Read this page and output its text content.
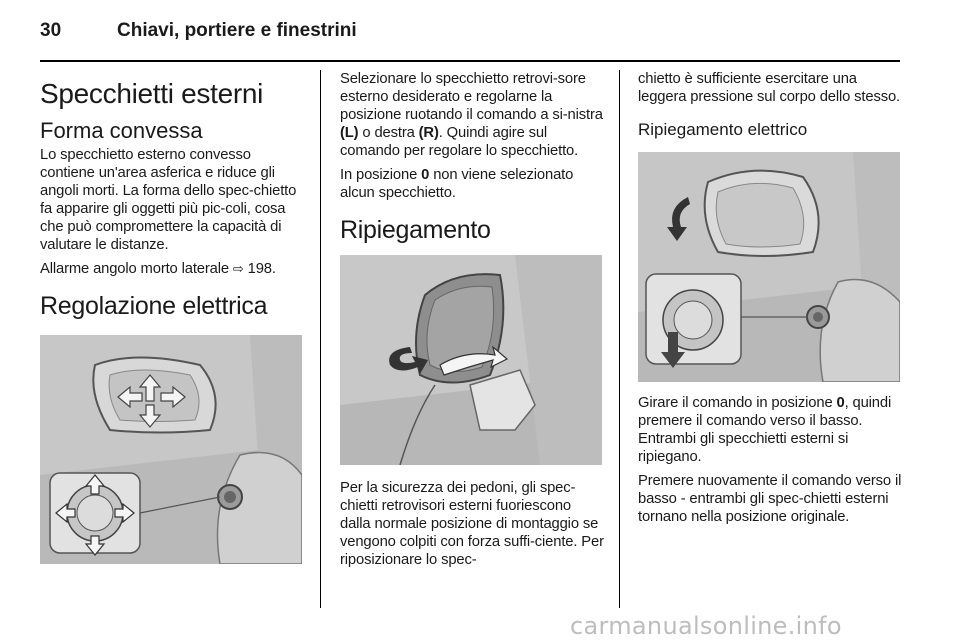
30	Chiavi, portiere e finestrini
Specchietti esterni
Forma convessa

Lo specchietto esterno convesso contiene un'area asferica e riduce gli angoli morti. La forma dello spec-chietto fa apparire gli oggetti più pic-coli, cosa che può compromettere la capacità di valutare le distanze.

Allarme angolo morto laterale ⇨ 198.

Regolazione elettrica

Selezionare lo specchietto retrovi-sore esterno desiderato e regolarne la posizione ruotando il comando a si-nistra (L) o destra (R). Quindi agire sul comando per regolare lo specchietto.

In posizione 0 non viene selezionato alcun specchietto.

Ripiegamento

Per la sicurezza dei pedoni, gli spec-chietti retrovisori esterni fuoriescono dalla normale posizione di montaggio se vengono colpiti con forza suffi-ciente. Per riposizionare lo spec-

chietto è sufficiente esercitare una leggera pressione sul corpo dello stesso.

Ripiegamento elettrico

Girare il comando in posizione 0, quindi premere il comando verso il basso. Entrambi gli specchietti esterni si ripiegano.

Premere nuovamente il comando verso il basso - entrambi gli spec-chietti esterni tornano nella posizione originale.

carmanualsonline.info
